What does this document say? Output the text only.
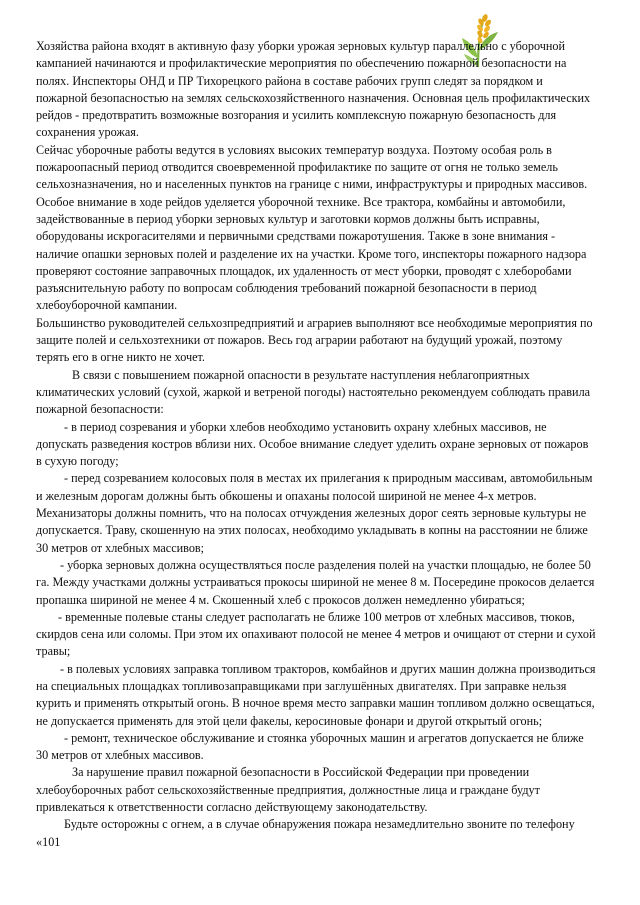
Хозяйства района входят в активную фазу уборки урожая зерновых культур параллельно с уборочной кампанией начинаются и профилактические мероприятия по обеспечению пожарной безопасности на полях. Инспекторы ОНД и ПР Тихорецкого района в составе рабочих групп следят за порядком и пожарной безопасностью на землях сельскохозяйственного назначения. Основная цель профилактических рейдов - предотвратить возможные возгорания и усилить комплексную пожарную безопасность для сохранения урожая.

Сейчас уборочные работы ведутся в условиях высоких температур воздуха. Поэтому особая роль в пожароопасный период отводится своевременной профилактике по защите от огня не только земель сельхозназначения, но и населенных пунктов на границе с ними, инфраструктуры и природных массивов.

Особое внимание в ходе рейдов уделяется уборочной технике. Все трактора, комбайны и автомобили, задействованные в период уборки зерновых культур и заготовки кормов должны быть исправны, оборудованы искрогасителями и первичными средствами пожаротушения. Также в зоне внимания - наличие опашки зерновых полей и разделение их на участки. Кроме того, инспекторы пожарного надзора проверяют состояние заправочных площадок, их удаленность от мест уборки, проводят с хлеборобами разъяснительную работу по вопросам соблюдения требований пожарной безопасности в период хлебоуборочной кампании.

Большинство руководителей сельхозпредприятий и аграриев выполняют все необходимые мероприятия по защите полей и сельхозтехники от пожаров. Весь год аграрии работают на будущий урожай, поэтому терять его в огне никто не хочет.

В связи с повышением пожарной опасности в результате наступления неблагоприятных климатических условий (сухой, жаркой и ветреной погоды) настоятельно рекомендуем соблюдать правила пожарной безопасности:

- в период созревания и уборки хлебов необходимо установить охрану хлебных массивов, не допускать разведения костров вблизи них. Особое внимание следует уделить охране зерновых от пожаров в сухую погоду;

- перед созреванием колосовых поля в местах их прилегания к природным массивам, автомобильным и железным дорогам должны быть обкошены и опаханы полосой шириной не менее 4-х метров. Механизаторы должны помнить, что на полосах отчуждения железных дорог сеять зерновые культуры не допускается. Траву, скошенную на этих полосах, необходимо укладывать в копны на расстоянии не ближе 30 метров от хлебных массивов;

- уборка зерновых должна осуществляться после разделения полей на участки площадью, не более 50 га. Между участками должны устраиваться прокосы шириной не менее 8 м. Посередине прокосов делается пропашка шириной не менее 4 м. Скошенный хлеб с прокосов должен немедленно убираться;

- временные полевые станы следует располагать не ближе 100 метров от хлебных массивов, тюков, скирдов сена или соломы. При этом их опахивают полосой не менее 4 метров и очищают от стерни и сухой травы;

- в полевых условиях заправка топливом тракторов, комбайнов и других машин должна производиться на специальных площадках топливозаправщиками при заглушённых двигателях. При заправке нельзя курить и применять открытый огонь. В ночное время место заправки машин топливом должно освещаться, не допускается применять для этой цели факелы, керосиновые фонари и другой открытый огонь;

- ремонт, техническое обслуживание и стоянка уборочных машин и агрегатов допускается не ближе 30 метров от хлебных массивов.

За нарушение правил пожарной безопасности в Российской Федерации при проведении хлебоуборочных работ сельскохозяйственные предприятия, должностные лица и граждане будут привлекаться к ответственности согласно действующему законодательству.

Будьте осторожны с огнем, а в случае обнаружения пожара незамедлительно звоните по телефону «101
